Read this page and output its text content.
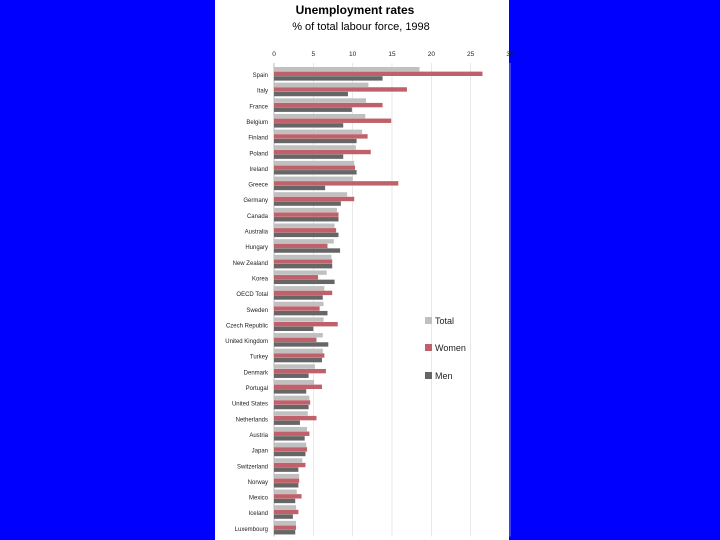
Unemployment rates
% of total labour force, 1998
0	5	10	15	20	25	30
Spain
Italy
France
Belgium
Finland
Poland
Ireland
Greece
Germany
Canada
Australia
Hungary
New Zealand
Korea
OECD Total
Sweden
Czech Republic
United Kingdom
Turkey
Denmark
Portugal
United States
Netherlands
Austria
Japan
Switzerland
Norway
Mexico
Iceland
Luxembourg
Total
Women
Men
